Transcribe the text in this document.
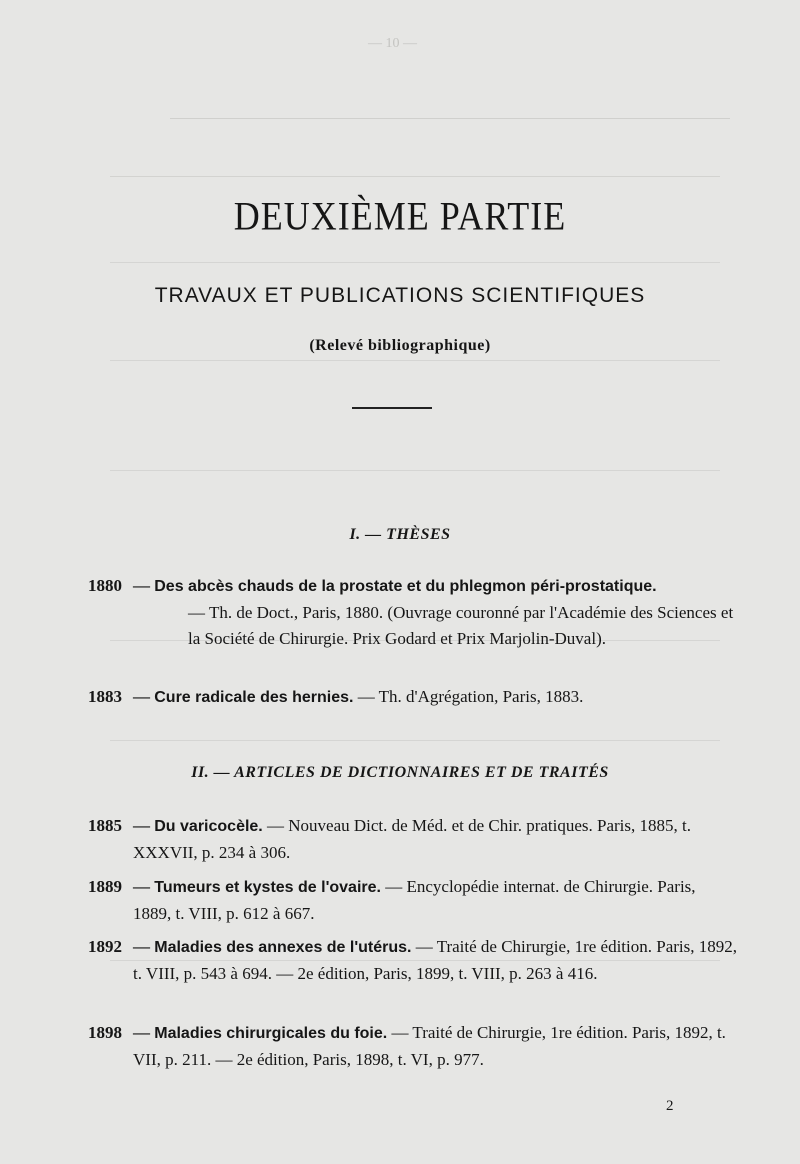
— 10 —
DEUXIÈME PARTIE
TRAVAUX ET PUBLICATIONS SCIENTIFIQUES
(Relevé bibliographique)
I. — THÈSES
1880 — Des abcès chauds de la prostate et du phlegmon péri-prostatique.
— Th. de Doct., Paris, 1880. (Ouvrage couronné par l'Académie des Sciences et la Société de Chirurgie. Prix Godard et Prix Marjolin-Duval).
1883 — Cure radicale des hernies. — Th. d'Agrégation, Paris, 1883.
II. — ARTICLES DE DICTIONNAIRES ET DE TRAITÉS
1885 — Du varicocèle. — Nouveau Dict. de Méd. et de Chir. pratiques. Paris, 1885, t. XXXVII, p. 234 à 306.
1889 — Tumeurs et kystes de l'ovaire. — Encyclopédie internat. de Chirurgie. Paris, 1889, t. VIII, p. 612 à 667.
1892 — Maladies des annexes de l'utérus. — Traité de Chirurgie, 1re édition. Paris, 1892, t. VIII, p. 543 à 694. — 2e édition, Paris, 1899, t. VIII, p. 263 à 416.
1898 — Maladies chirurgicales du foie. — Traité de Chirurgie, 1re édition. Paris, 1892, t. VII, p. 211. — 2e édition, Paris, 1898, t. VI, p. 977.
2
